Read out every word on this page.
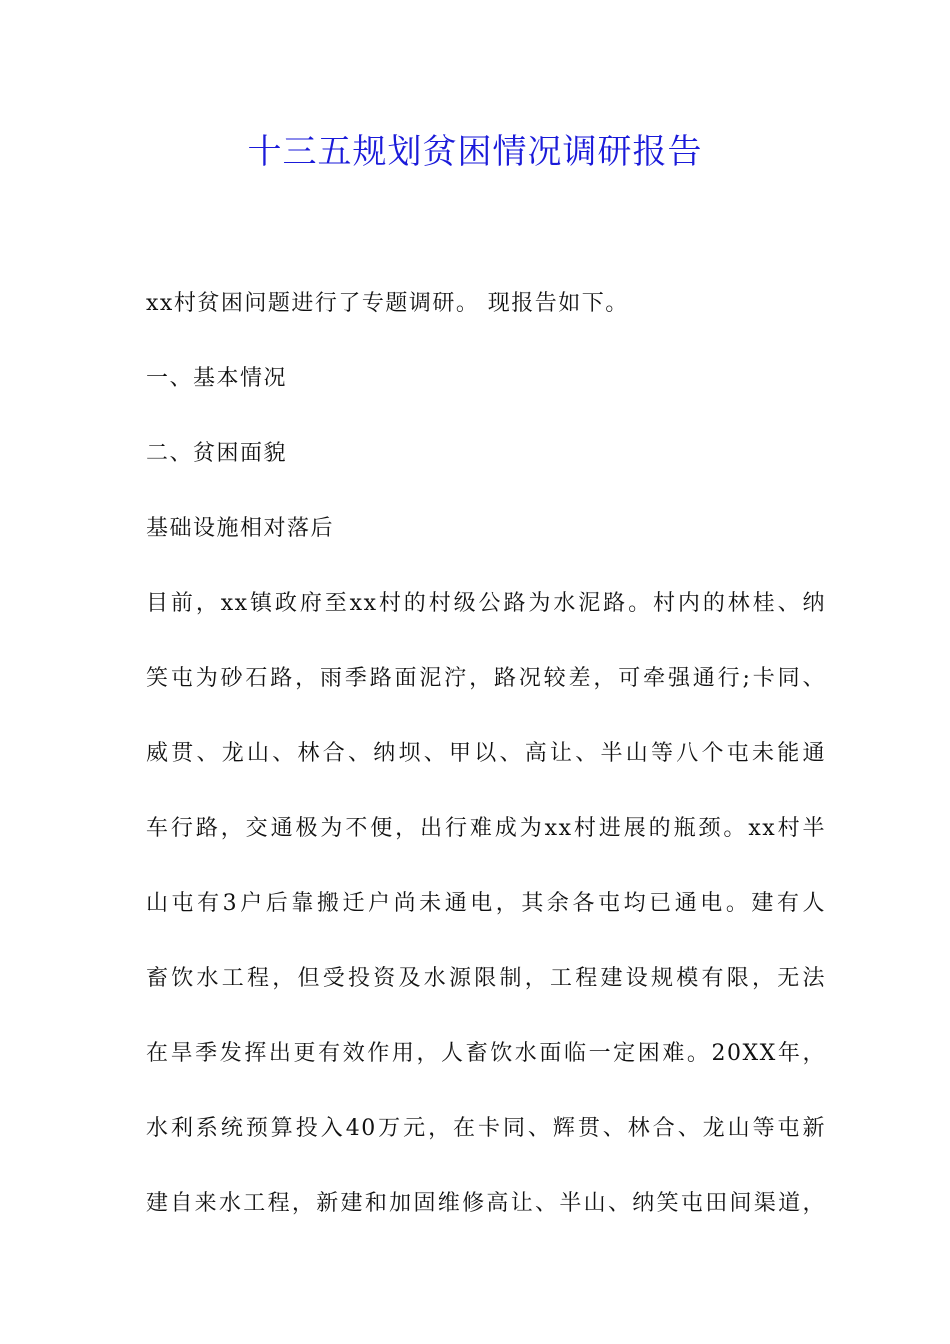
十三五规划贫困情况调研报告
xx村贫困问题进行了专题调研。 现报告如下。
一、基本情况
二、贫困面貌
基础设施相对落后
目前，xx镇政府至xx村的村级公路为水泥路。村内的林桂、纳
笑屯为砂石路，雨季路面泥泞，路况较差，可牵强通行;卡同、
威贯、龙山、林合、纳坝、甲以、高让、半山等八个屯未能通
车行路，交通极为不便，出行难成为xx村进展的瓶颈。xx村半
山屯有3户后靠搬迁户尚未通电，其余各屯均已通电。建有人
畜饮水工程，但受投资及水源限制，工程建设规模有限，无法
在旱季发挥出更有效作用，人畜饮水面临一定困难。20XX年，
水利系统预算投入40万元，在卡同、辉贯、林合、龙山等屯新
建自来水工程，新建和加固维修高让、半山、纳笑屯田间渠道，
